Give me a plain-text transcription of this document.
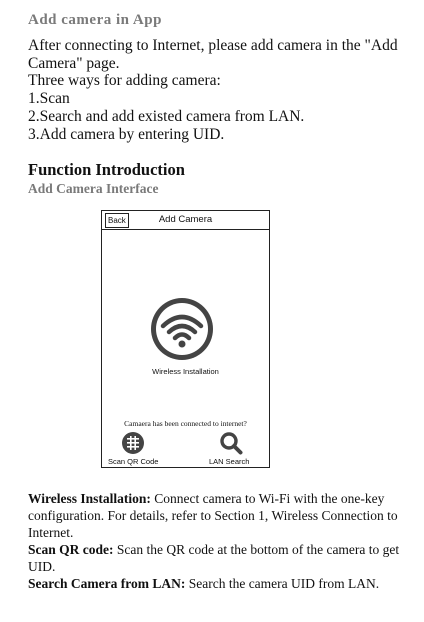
Add camera in App
After connecting to Internet, please add camera in the "Add Camera" page.
Three ways for adding camera:
1.Scan
2.Search and add existed camera from LAN.
3.Add camera by entering UID.
Function Introduction
Add Camera Interface
Back	Add Camera
Wireless Installation
Camaera has been connected to internet?
Scan QR Code	LAN Search

Wireless Installation: Connect camera to Wi-Fi with the one-key configuration. For details, refer to Section 1, Wireless Connection to Internet.

Scan QR code: Scan the QR code at the bottom of the camera to get UID.

Search Camera from LAN: Search the camera UID from LAN.
